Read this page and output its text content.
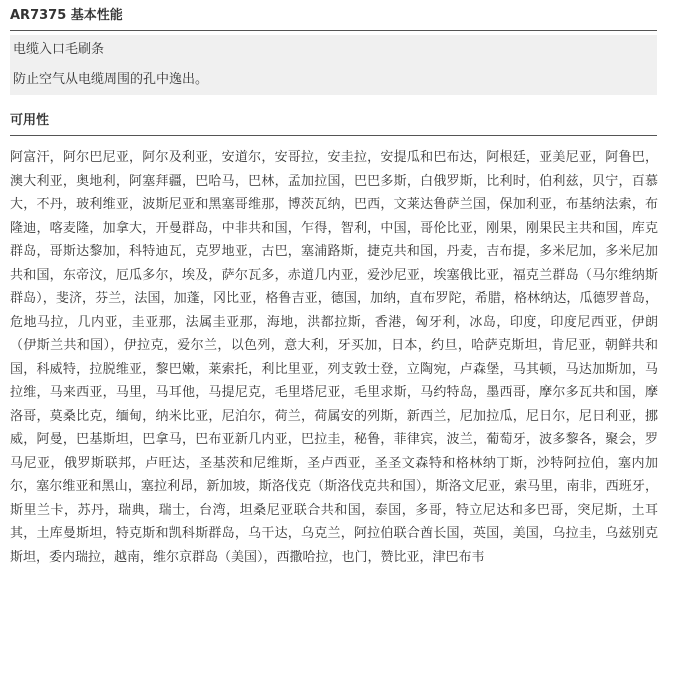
AR7375 基本性能
电缆入口毛刷条
防止空气从电缆周围的孔中逸出。
可用性
阿富汗，阿尔巴尼亚，阿尔及利亚，安道尔，安哥拉，安圭拉，安提瓜和巴布达，阿根廷，亚美尼亚，阿鲁巴，澳大利亚，奥地利，阿塞拜疆，巴哈马，巴林，孟加拉国，巴巴多斯，白俄罗斯，比利时，伯利兹，贝宁，百慕大，不丹，玻利维亚，波斯尼亚和黑塞哥维那，博茨瓦纳，巴西，文莱达鲁萨兰国，保加利亚，布基纳法索，布隆迪，喀麦隆，加拿大，开曼群岛，中非共和国，乍得，智利，中国，哥伦比亚，刚果，刚果民主共和国，库克群岛，哥斯达黎加，科特迪瓦，克罗地亚，古巴，塞浦路斯，捷克共和国，丹麦，吉布提，多米尼加，多米尼加共和国，东帝汶，厄瓜多尔，埃及，萨尔瓦多，赤道几内亚，爱沙尼亚，埃塞俄比亚，福克兰群岛（马尔维纳斯群岛），斐济，芬兰，法国，加蓬，冈比亚，格鲁吉亚，德国，加纳，直布罗陀，希腊，格林纳达，瓜德罗普岛，危地马拉，几内亚，圭亚那，法属圭亚那，海地，洪都拉斯，香港，匈牙利，冰岛，印度，印度尼西亚，伊朗（伊斯兰共和国），伊拉克，爱尔兰，以色列，意大利，牙买加，日本，约旦，哈萨克斯坦，肯尼亚，朝鲜共和国，科威特，拉脱维亚，黎巴嫩，莱索托，利比里亚，列支敦士登，立陶宛，卢森堡，马其顿，马达加斯加，马拉维，马来西亚，马里，马耳他，马提尼克，毛里塔尼亚，毛里求斯，马约特岛，墨西哥，摩尔多瓦共和国，摩洛哥，莫桑比克，缅甸，纳米比亚，尼泊尔，荷兰，荷属安的列斯，新西兰，尼加拉瓜，尼日尔，尼日利亚，挪威，阿曼，巴基斯坦，巴拿马，巴布亚新几内亚，巴拉圭，秘鲁，菲律宾，波兰，葡萄牙，波多黎各，聚会，罗马尼亚，俄罗斯联邦，卢旺达，圣基茨和尼维斯，圣卢西亚，圣圣文森特和格林纳丁斯，沙特阿拉伯，塞内加尔，塞尔维亚和黑山，塞拉利昂，新加坡，斯洛伐克（斯洛伐克共和国），斯洛文尼亚，索马里，南非，西班牙，斯里兰卡，苏丹，瑞典，瑞士，台湾，坦桑尼亚联合共和国，泰国，多哥，特立尼达和多巴哥，突尼斯，土耳其，土库曼斯坦，特克斯和凯科斯群岛，乌干达，乌克兰，阿拉伯联合酋长国，英国，美国，乌拉圭，乌兹别克斯坦，委内瑞拉，越南，维尔京群岛（美国），西撒哈拉，也门，赞比亚，津巴布韦
